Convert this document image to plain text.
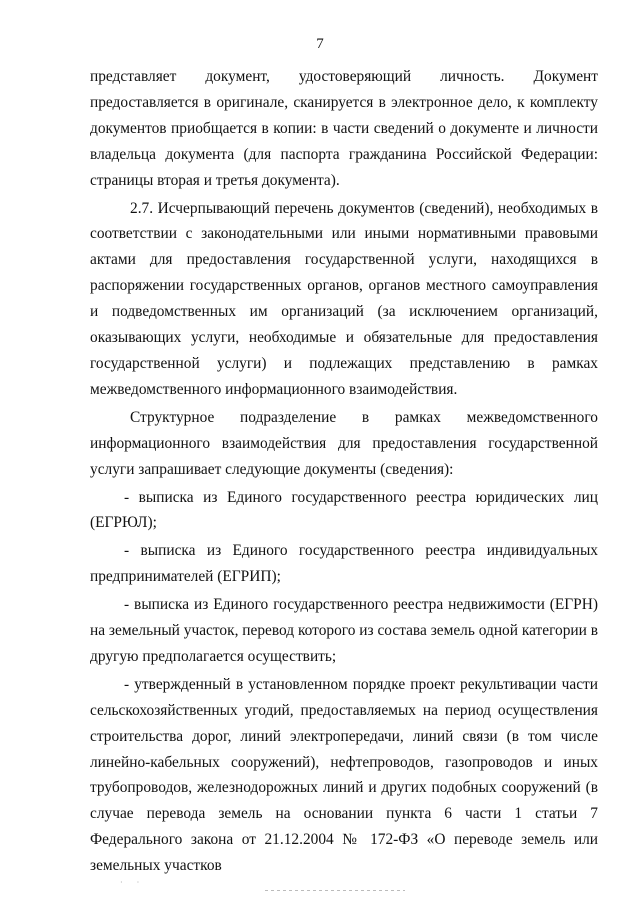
7

представляет документ, удостоверяющий личность. Документ предоставляется в оригинале, сканируется в электронное дело, к комплекту документов приобщается в копии: в части сведений о документе и личности владельца документа (для паспорта гражданина Российской Федерации: страницы вторая и третья документа).

2.7. Исчерпывающий перечень документов (сведений), необходимых в соответствии с законодательными или иными нормативными правовыми актами для предоставления государственной услуги, находящихся в распоряжении государственных органов, органов местного самоуправления и подведомственных им организаций (за исключением организаций, оказывающих услуги, необходимые и обязательные для предоставления государственной услуги) и подлежащих представлению в рамках межведомственного информационного взаимодействия.

Структурное подразделение в рамках межведомственного информационного взаимодействия для предоставления государственной услуги запрашивает следующие документы (сведения):

- выписка из Единого государственного реестра юридических лиц (ЕГРЮЛ);

- выписка из Единого государственного реестра индивидуальных предпринимателей (ЕГРИП);

- выписка из Единого государственного реестра недвижимости (ЕГРН) на земельный участок, перевод которого из состава земель одной категории в другую предполагается осуществить;

- утвержденный в установленном порядке проект рекультивации части сельскохозяйственных угодий, предоставляемых на период осуществления строительства дорог, линий электропередачи, линий связи (в том числе линейно-кабельных сооружений), нефтепроводов, газопроводов и иных трубопроводов, железнодорожных линий и других подобных сооружений (в случае перевода земель на основании пункта 6 части 1 статьи 7 Федерального закона от 21.12.2004 № 172-ФЗ «О переводе земель или земельных участков

· ·
